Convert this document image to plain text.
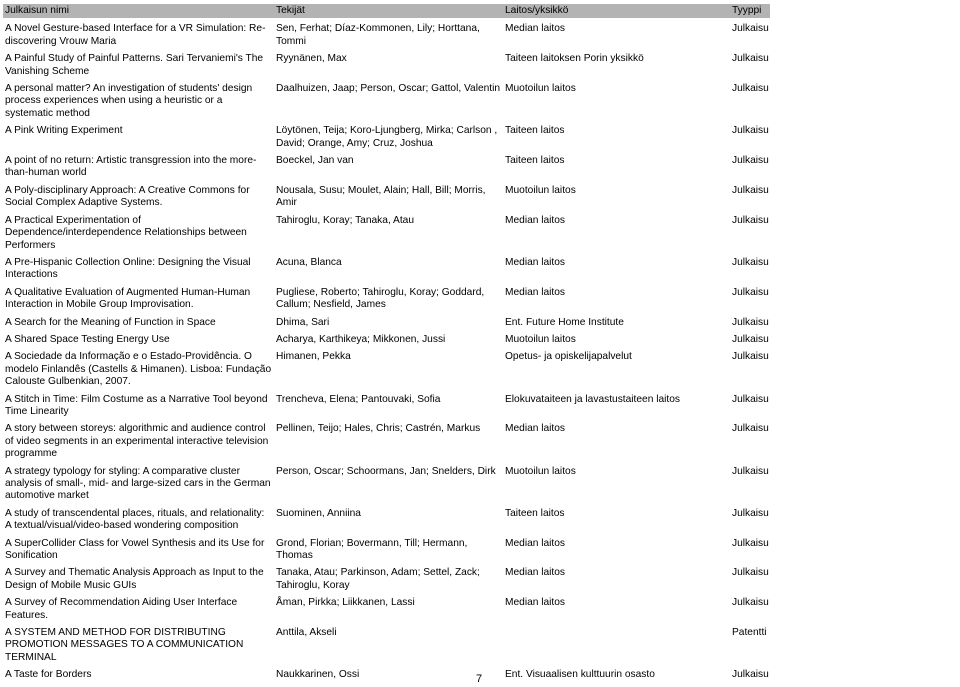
Julkaisun nimi	Tekijät	Laitos/yksikkö	Tyyppi
A Novel Gesture-based Interface for a VR Simulation: Re-discovering Vrouw Maria	Sen, Ferhat; Díaz-Kommonen, Lily; Horttana, Tommi	Median laitos	Julkaisu
A Painful Study of Painful Patterns. Sari Tervaniemi's The Vanishing Scheme	Ryynänen, Max	Taiteen laitoksen Porin yksikkö	Julkaisu
A personal matter? An investigation of students' design process experiences when using a heuristic or a systematic method	Daalhuizen, Jaap; Person, Oscar; Gattol, Valentin	Muotoilun laitos	Julkaisu
A Pink Writing Experiment	Löytönen, Teija; Koro-Ljungberg, Mirka; Carlson , David; Orange, Amy; Cruz, Joshua	Taiteen laitos	Julkaisu
A point of no return: Artistic transgression into the more-than-human world	Boeckel, Jan van	Taiteen laitos	Julkaisu
A Poly-disciplinary Approach: A Creative Commons for Social Complex Adaptive Systems.	Nousala, Susu; Moulet, Alain; Hall, Bill; Morris, Amir	Muotoilun laitos	Julkaisu
A Practical Experimentation of Dependence/interdependence Relationships between Performers	Tahiroglu, Koray; Tanaka, Atau	Median laitos	Julkaisu
A Pre-Hispanic Collection Online: Designing the Visual Interactions	Acuna, Blanca	Median laitos	Julkaisu
A Qualitative Evaluation of Augmented Human-Human Interaction in Mobile Group Improvisation.	Pugliese, Roberto; Tahiroglu, Koray; Goddard, Callum; Nesfield, James	Median laitos	Julkaisu
A Search for the Meaning of Function in Space	Dhima, Sari	Ent. Future Home Institute	Julkaisu
A Shared Space Testing Energy Use	Acharya, Karthikeya; Mikkonen, Jussi	Muotoilun laitos	Julkaisu
A Sociedade da Informação e o Estado-Providência. O modelo Finlandês (Castells & Himanen). Lisboa: Fundação Calouste Gulbenkian, 2007.	Himanen, Pekka	Opetus- ja opiskelijapalvelut	Julkaisu
A Stitch in Time: Film Costume as a Narrative Tool beyond Time Linearity	Trencheva, Elena; Pantouvaki, Sofia	Elokuvataiteen ja lavastustaiteen laitos	Julkaisu
A story between storeys: algorithmic and audience control of video segments in an experimental interactive television programme	Pellinen, Teijo; Hales, Chris; Castrén, Markus	Median laitos	Julkaisu
A strategy typology for styling: A comparative cluster analysis of small-, mid- and large-sized cars in the German automotive market	Person, Oscar; Schoormans, Jan; Snelders, Dirk	Muotoilun laitos	Julkaisu
A study of transcendental places, rituals, and relationality: A textual/visual/video-based wondering composition	Suominen, Anniina	Taiteen laitos	Julkaisu
A SuperCollider Class for Vowel Synthesis and its Use for Sonification	Grond, Florian; Bovermann, Till; Hermann, Thomas	Median laitos	Julkaisu
A Survey and Thematic Analysis Approach as Input to the Design of Mobile Music GUIs	Tanaka, Atau; Parkinson, Adam; Settel, Zack; Tahiroglu, Koray	Median laitos	Julkaisu
A Survey of Recommendation Aiding User Interface Features.	Åman, Pirkka; Liikkanen, Lassi	Median laitos	Julkaisu
A SYSTEM AND METHOD FOR DISTRIBUTING PROMOTION MESSAGES TO A COMMUNICATION TERMINAL	Anttila, Akseli		Patentti
A Taste for Borders	Naukkarinen, Ossi	Ent. Visuaalisen kulttuurin osasto	Julkaisu
7
